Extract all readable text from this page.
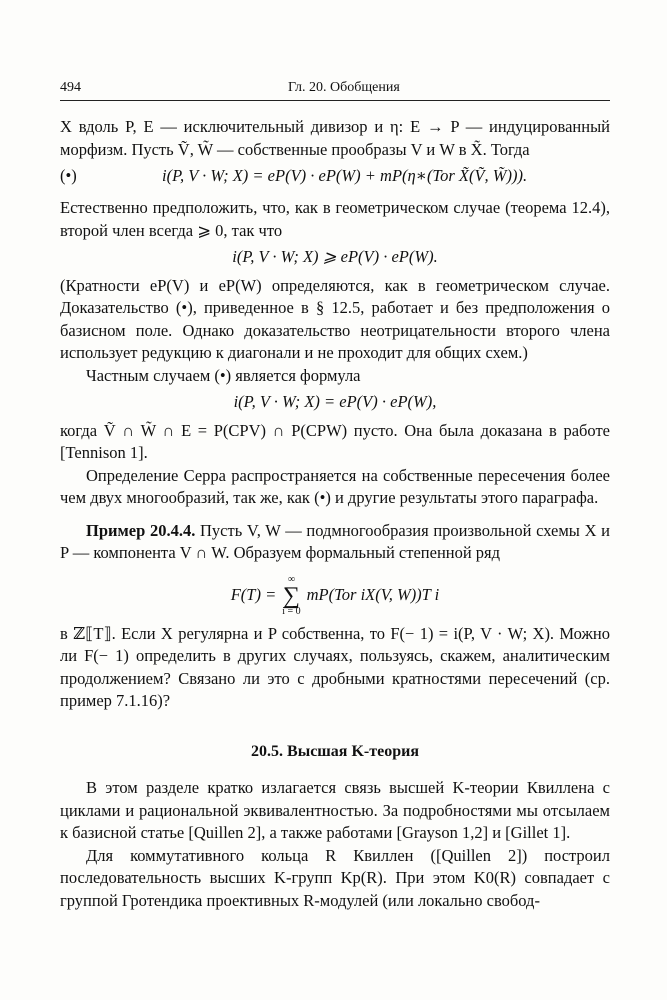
494	Гл. 20. Обобщения

X вдоль P, E — исключительный дивизор и η: E → P — индуцированный морфизм. Пусть Ṽ, W̃ — собственные прообразы V и W в X̃. Тогда

(•)	i(P, V · W; X) = eP(V) · eP(W) + mP(η∗(Tor X̃(Ṽ, W̃))).

Естественно предположить, что, как в геометрическом случае (теорема 12.4), второй член всегда ⩾ 0, так что

i(P, V · W; X) ⩾ eP(V) · eP(W).

(Кратности eP(V) и eP(W) определяются, как в геометрическом случае. Доказательство (•), приведенное в § 12.5, работает и без предположения о базисном поле. Однако доказательство неотрицательности второго члена использует редукцию к диагонали и не проходит для общих схем.)

Частным случаем (•) является формула

i(P, V · W; X) = eP(V) · eP(W),

когда Ṽ ∩ W̃ ∩ E = P(CPV) ∩ P(CPW) пусто. Она была доказана в работе [Tennison 1].

Определение Серра распространяется на собственные пересечения более чем двух многообразий, так же, как (•) и другие результаты этого параграфа.

Пример 20.4.4. Пусть V, W — подмногообразия произвольной схемы X и P — компонента V ∩ W. Образуем формальный степенной ряд

F(T) =
∞
∑
i = 0
mP(Tor iX(V, W))T i

в ℤ⟦T⟧. Если X регулярна и P собственна, то F(− 1) = i(P, V · W; X). Можно ли F(− 1) определить в других случаях, пользуясь, скажем, аналитическим продолжением? Связано ли это с дробными кратностями пересечений (ср. пример 7.1.16)?

20.5. Высшая K-теория

В этом разделе кратко излагается связь высшей K-теории Квиллена с циклами и рациональной эквивалентностью. За подробностями мы отсылаем к базисной статье [Quillen 2], а также работами [Grayson 1,2] и [Gillet 1].

Для коммутативного кольца R Квиллен ([Quillen 2]) построил последовательность высших K-групп Kp(R). При этом K0(R) совпадает с группой Гротендика проективных R-модулей (или локально свобод-
